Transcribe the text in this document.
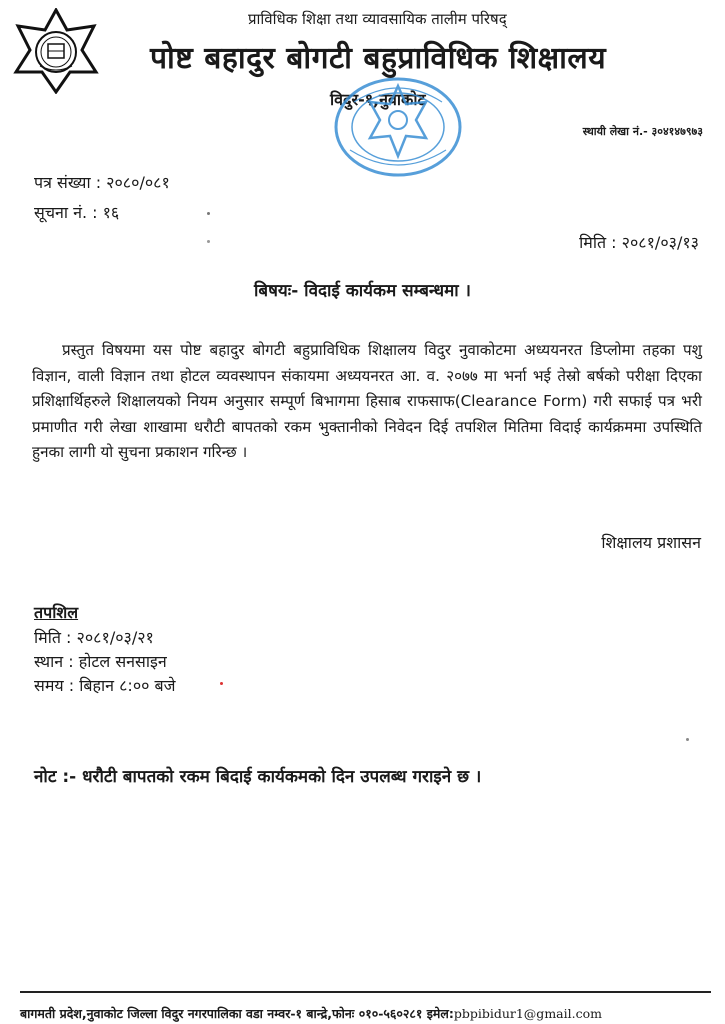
प्राविधिक शिक्षा तथा व्यावसायिक तालीम परिषद्
पोष्ट बहादुर बोगटी बहुप्राविधिक शिक्षालय
विदुर-१,नुवाकोट
स्थायी लेखा नं.- ३०४१४७९७३
पत्र संख्या : २०८०/०८१
सूचना नं. : १६
मिति : २०८१/०३/१३
बिषयः- विदाई कार्यकम सम्बन्धमा ।
प्रस्तुत विषयमा यस पोष्ट बहादुर बोगटी बहुप्राविधिक शिक्षालय विदुर नुवाकोटमा अध्ययनरत डिप्लोमा तहका पशु विज्ञान, वाली विज्ञान तथा होटल व्यवस्थापन संकायमा अध्ययनरत आ. व. २०७७ मा भर्ना भई तेस्रो बर्षको परीक्षा दिएका प्रशिक्षार्थिहरुले शिक्षालयको नियम अनुसार सम्पूर्ण बिभागमा हिसाब राफसाफ(Clearance Form) गरी सफाई पत्र भरी प्रमाणीत गरी लेखा शाखामा धरौटी बापतको रकम भुक्तानीको निवेदन दिई तपशिल मितिमा विदाई कार्यक्रममा उपस्थिति हुनका लागी यो सुचना प्रकाशन गरिन्छ ।
शिक्षालय प्रशासन
तपशिल
मिति : २०८१/०३/२१
स्थान : होटल सनसाइन
समय : बिहान ८:०० बजे
नोट :- धरौटी बापतको रकम बिदाई कार्यकमको दिन उपलब्ध गराइने छ ।
बागमती प्रदेश,नुवाकोट जिल्ला विदुर नगरपालिका वडा नम्वर-१ बान्द्रे,फोनः ०१०-५६०२८१ इमेल:pbpibidur1@gmail.com
